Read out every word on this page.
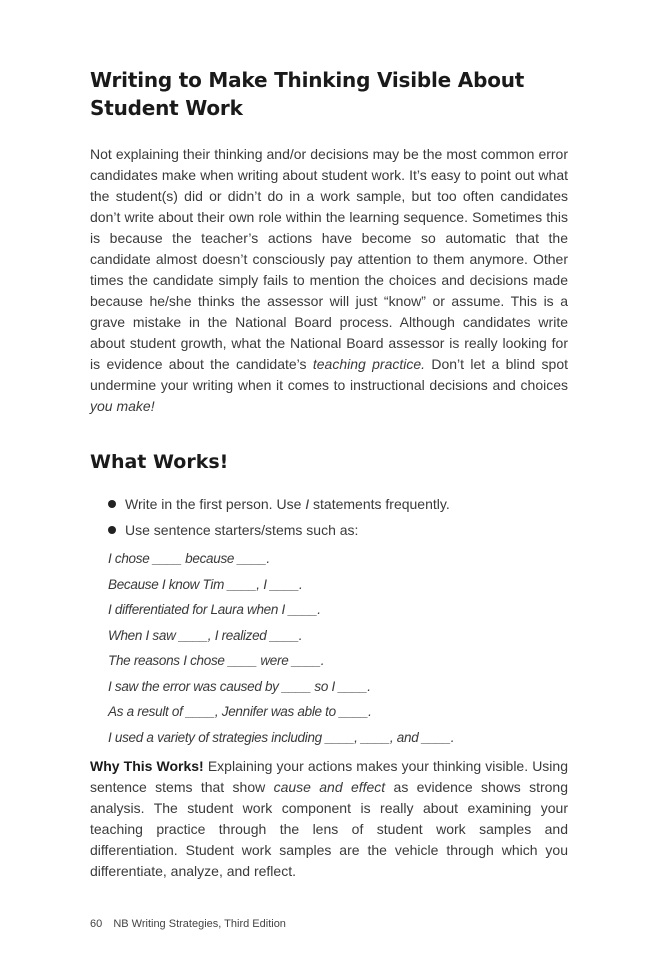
Writing to Make Thinking Visible About Student Work

Not explaining their thinking and/or decisions may be the most common error candidates make when writing about student work. It’s easy to point out what the student(s) did or didn’t do in a work sample, but too often candidates don’t write about their own role within the learning sequence. Sometimes this is because the teacher’s actions have become so automatic that the candidate almost doesn’t consciously pay attention to them anymore. Other times the candidate simply fails to mention the choices and decisions made because he/she thinks the assessor will just “know” or assume. This is a grave mistake in the National Board process. Although candidates write about student growth, what the National Board assessor is really looking for is evidence about the candidate’s teaching practice. Don’t let a blind spot undermine your writing when it comes to instructional decisions and choices you make!

What Works!
Write in the first person. Use I statements frequently.
Use sentence starters/stems such as:
I chose ____ because ____.
Because I know Tim ____, I ____.
I differentiated for Laura when I ____.
When I saw ____, I realized ____.
The reasons I chose ____ were ____.
I saw the error was caused by ____ so I ____.
As a result of ____, Jennifer was able to ____.
I used a variety of strategies including ____, ____, and ____.

Why This Works! Explaining your actions makes your thinking visible. Using sentence stems that show cause and effect as evidence shows strong analysis. The student work component is really about examining your teaching practice through the lens of student work samples and differentiation. Student work samples are the vehicle through which you differentiate, analyze, and reflect.

60 NB Writing Strategies, Third Edition
